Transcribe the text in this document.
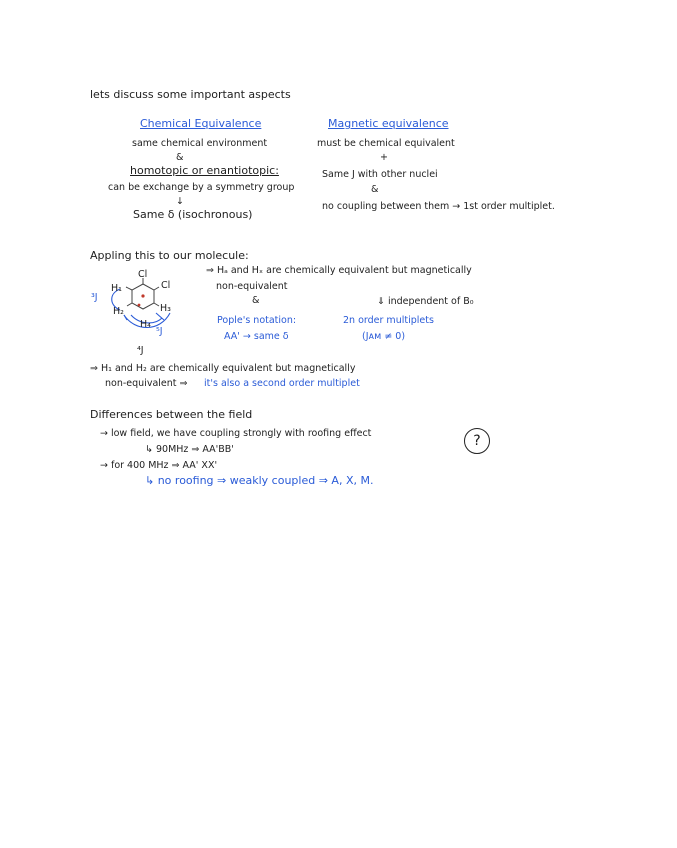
lets discuss some important aspects
Chemical Equivalence
same chemical environment
&
homotopic or enantiotopic:
can be exchange by a symmetry group
↓
Same δ (isochronous)
Magnetic equivalence
must be chemical equivalent
+
Same J with other nuclei
&
no coupling between them → 1st order multiplet.
Appling this to our molecule:
Cl
Cl
H₁
H₂	H₃
H₄
³J
⁵J
⁴J
⇒ Hₐ and Hₓ are chemically equivalent but magnetically
non-equivalent
&	⇓ independent of B₀
Pople's notation:
AA' → same δ
2n order multiplets
(Jᴀᴍ ≠ 0)
⇒ H₁ and H₂ are chemically equivalent but magnetically
non-equivalent ⇒ it's also a second order multiplet
Differences between the field
→ low field, we have coupling strongly with roofing effect
↳ 90MHz ⇒ AA'BB'
→ for 400 MHz ⇒ AA' XX'
↳ no roofing ⇒ weakly coupled ⇒ A, X, M.
?
